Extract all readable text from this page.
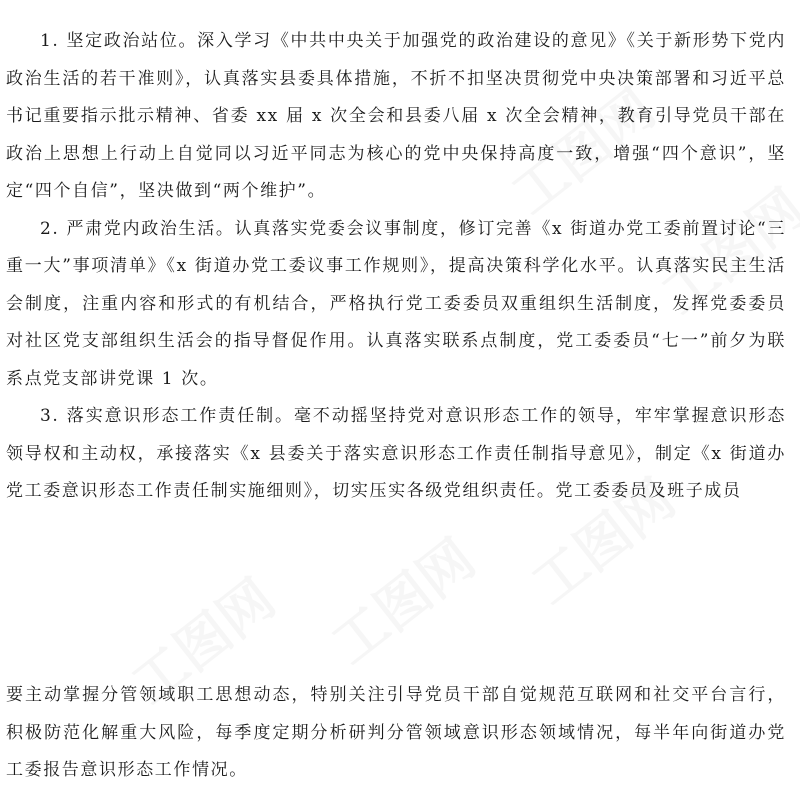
1. 坚定政治站位。深入学习《中共中央关于加强党的政治建设的意见》《关于新形势下党内政治生活的若干准则》，认真落实县委具体措施，不折不扣坚决贯彻党中央决策部署和习近平总书记重要指示批示精神、省委 xx 届 x 次全会和县委八届 x 次全会精神，教育引导党员干部在政治上思想上行动上自觉同以习近平同志为核心的党中央保持高度一致，增强“四个意识”，坚定“四个自信”，坚决做到“两个维护”。

2. 严肃党内政治生活。认真落实党委会议事制度，修订完善《x 街道办党工委前置讨论“三重一大”事项清单》《x 街道办党工委议事工作规则》，提高决策科学化水平。认真落实民主生活会制度，注重内容和形式的有机结合，严格执行党工委委员双重组织生活制度，发挥党委委员对社区党支部组织生活会的指导督促作用。认真落实联系点制度，党工委委员“七一”前夕为联系点党支部讲党课 1 次。

3. 落实意识形态工作责任制。毫不动摇坚持党对意识形态工作的领导，牢牢掌握意识形态领导权和主动权，承接落实《x 县委关于落实意识形态工作责任制指导意见》，制定《x 街道办党工委意识形态工作责任制实施细则》，切实压实各级党组织责任。党工委委员及班子成员

要主动掌握分管领域职工思想动态，特别关注引导党员干部自觉规范互联网和社交平台言行，积极防范化解重大风险，每季度定期分析研判分管领域意识形态领域情况，每半年向街道办党工委报告意识形态工作情况。
